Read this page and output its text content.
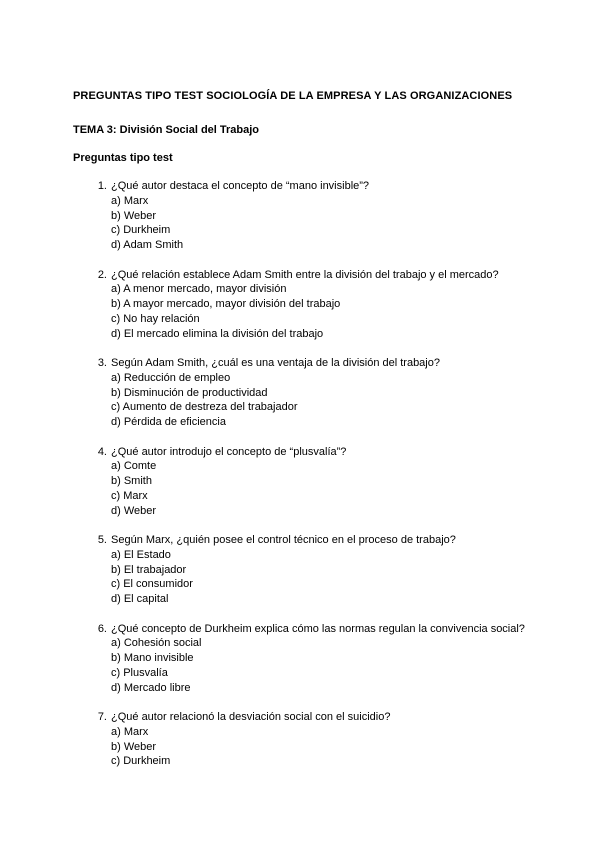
PREGUNTAS TIPO TEST SOCIOLOGÍA DE LA EMPRESA Y LAS ORGANIZACIONES
TEMA 3: División Social del Trabajo
Preguntas tipo test
1. ¿Qué autor destaca el concepto de “mano invisible”?
a) Marx
b) Weber
c) Durkheim
d) Adam Smith
2. ¿Qué relación establece Adam Smith entre la división del trabajo y el mercado?
a) A menor mercado, mayor división
b) A mayor mercado, mayor división del trabajo
c) No hay relación
d) El mercado elimina la división del trabajo
3. Según Adam Smith, ¿cuál es una ventaja de la división del trabajo?
a) Reducción de empleo
b) Disminución de productividad
c) Aumento de destreza del trabajador
d) Pérdida de eficiencia
4. ¿Qué autor introdujo el concepto de “plusvalía”?
a) Comte
b) Smith
c) Marx
d) Weber
5. Según Marx, ¿quién posee el control técnico en el proceso de trabajo?
a) El Estado
b) El trabajador
c) El consumidor
d) El capital
6. ¿Qué concepto de Durkheim explica cómo las normas regulan la convivencia social?
a) Cohesión social
b) Mano invisible
c) Plusvalía
d) Mercado libre
7. ¿Qué autor relacionó la desviación social con el suicidio?
a) Marx
b) Weber
c) Durkheim
